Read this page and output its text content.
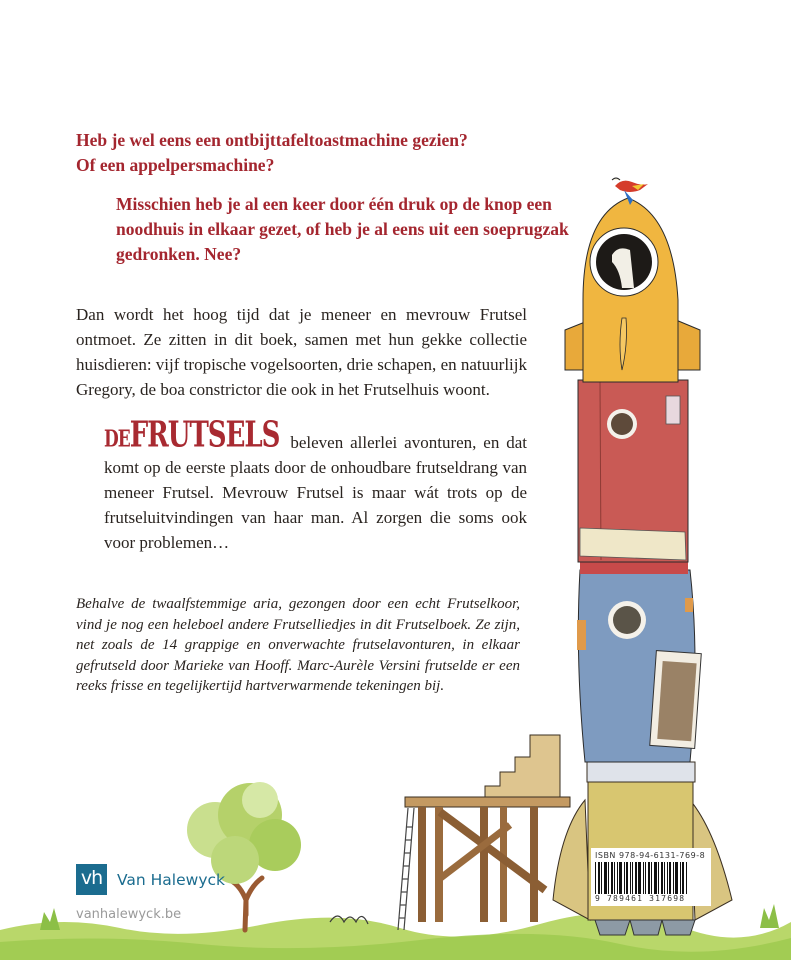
Heb je wel eens een ontbijttafeltoastmachine gezien?

Of een appelpersmachine?

Misschien heb je al een keer door één druk op de knop een noodhuis in elkaar gezet, of heb je al eens uit een soeprugzak gedronken. Nee?

Dan wordt het hoog tijd dat je meneer en mevrouw Frutsel ontmoet. Ze zitten in dit boek, samen met hun gekke collectie huisdieren: vijf tropische vogelsoorten, drie schapen, en natuurlijk Gregory, de boa constrictor die ook in het Frutselhuis woont.

DEFRUTSELS beleven allerlei avonturen, en dat komt op de eerste plaats door de onhoudbare frutseldrang van meneer Frutsel. Mevrouw Frutsel is maar wát trots op de frutseluitvindingen van haar man. Al zorgen die soms ook voor problemen…

Behalve de twaalfstemmige aria, gezongen door een echt Frutselkoor, vind je nog een heleboel andere Frutselliedjes in dit Frutselboek. Ze zijn, net zoals de 14 grappige en onverwachte frutselavonturen, in elkaar gefrutseld door Marieke van Hooff. Marc-Aurèle Versini frutselde er een reeks frisse en tegelijkertijd hartverwarmende tekeningen bij.

vh Van Halewyck
vanhalewyck.be
ISBN 978-94-6131-769-8
9 789461 317698
